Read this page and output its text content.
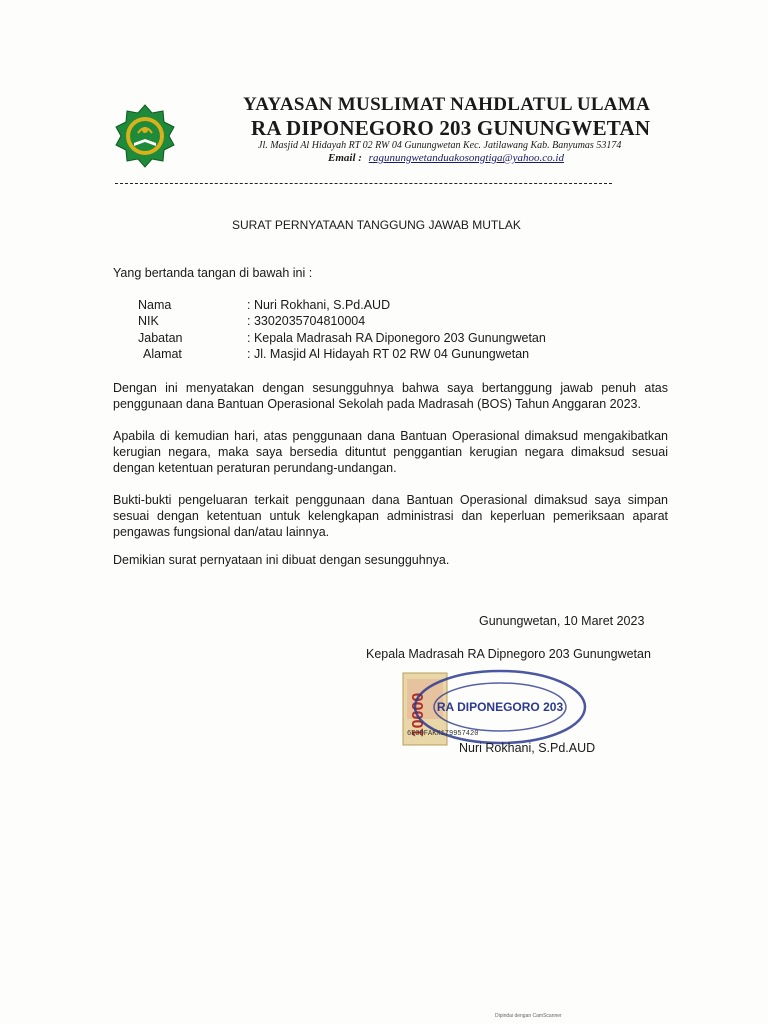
YAYASAN MUSLIMAT NAHDLATUL ULAMA
RA DIPONEGORO 203 GUNUNGWETAN
Jl. Masjid Al Hidayah RT 02 RW 04 Gunungwetan Kec. Jatilawang Kab. Banyumas 53174
Email : ragunungwetanduakosongtiga@yahoo.co.id
SURAT PERNYATAAN TANGGUNG JAWAB MUTLAK
Yang bertanda tangan di bawah ini :
Nama	: Nuri Rokhani, S.Pd.AUD
NIK	: 3302035704810004
Jabatan	: Kepala Madrasah RA Diponegoro 203 Gunungwetan
Alamat	: Jl. Masjid Al Hidayah RT 02 RW 04 Gunungwetan
Dengan ini menyatakan dengan sesungguhnya bahwa saya bertanggung jawab penuh atas penggunaan dana Bantuan Operasional Sekolah pada Madrasah (BOS) Tahun Anggaran 2023.
Apabila di kemudian hari, atas penggunaan dana Bantuan Operasional dimaksud mengakibatkan kerugian negara, maka saya bersedia dituntut penggantian kerugian negara dimaksud sesuai dengan ketentuan peraturan perundang-undangan.
Bukti-bukti pengeluaran terkait penggunaan dana Bantuan Operasional dimaksud saya simpan sesuai dengan ketentuan untuk kelengkapan administrasi dan keperluan pemeriksaan aparat pengawas fungsional dan/atau lainnya.
Demikian surat pernyataan ini dibuat dengan sesungguhnya.
Gunungwetan, 10 Maret 2023
Kepala Madrasah RA Dipnegoro 203 Gunungwetan
10000 RA DIPONEGORO 203
6E3DFAKX179957420
Nuri Rokhani, S.Pd.AUD
Dipindai dengan CamScanner
